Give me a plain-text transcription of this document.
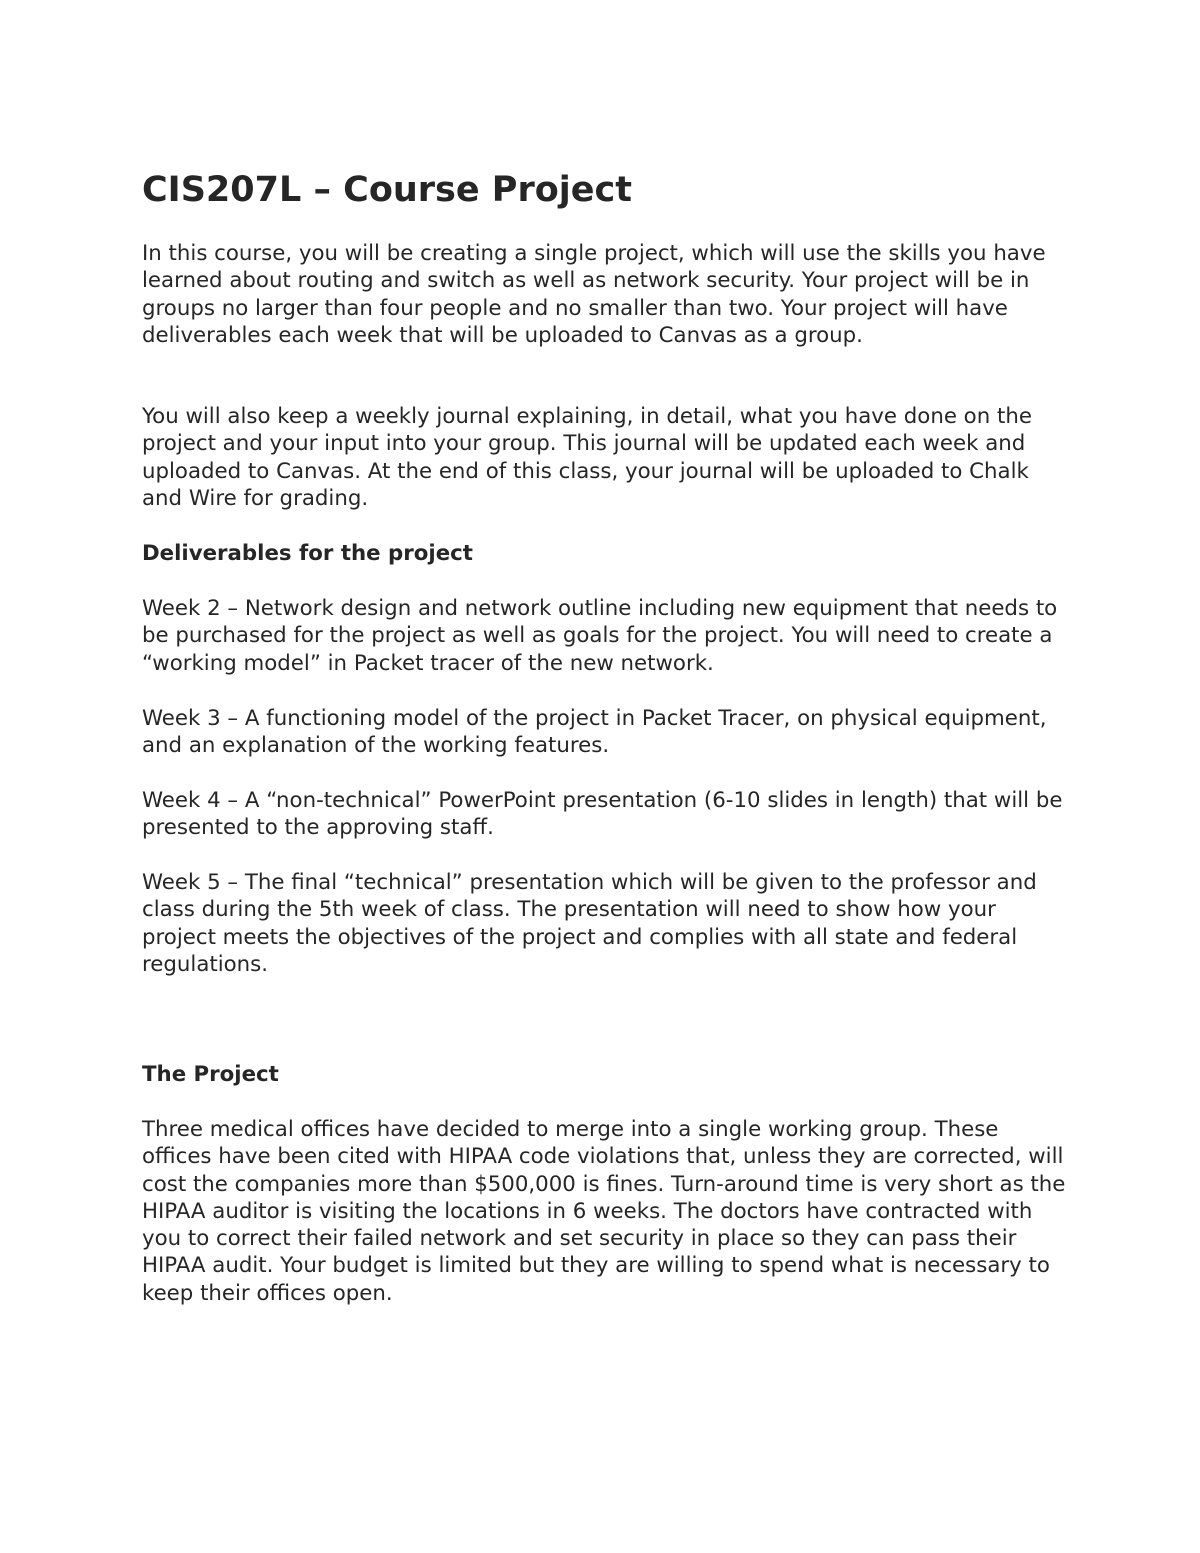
CIS207L – Course Project

In this course, you will be creating a single project, which will use the skills you have learned about routing and switch as well as network security. Your project will be in groups no larger than four people and no smaller than two. Your project will have deliverables each week that will be uploaded to Canvas as a group.

You will also keep a weekly journal explaining, in detail, what you have done on the project and your input into your group. This journal will be updated each week and uploaded to Canvas. At the end of this class, your journal will be uploaded to Chalk and Wire for grading.

Deliverables for the project

Week 2 – Network design and network outline including new equipment that needs to be purchased for the project as well as goals for the project. You will need to create a “working model” in Packet tracer of the new network.

Week 3 – A functioning model of the project in Packet Tracer, on physical equipment, and an explanation of the working features.

Week 4 – A “non-technical” PowerPoint presentation (6-10 slides in length) that will be presented to the approving staff.

Week 5 – The final “technical” presentation which will be given to the professor and class during the 5th week of class. The presentation will need to show how your project meets the objectives of the project and complies with all state and federal regulations.

The Project

Three medical offices have decided to merge into a single working group. These offices have been cited with HIPAA code violations that, unless they are corrected, will cost the companies more than $500,000 is fines. Turn-around time is very short as the HIPAA auditor is visiting the locations in 6 weeks. The doctors have contracted with you to correct their failed network and set security in place so they can pass their HIPAA audit. Your budget is limited but they are willing to spend what is necessary to keep their offices open.
